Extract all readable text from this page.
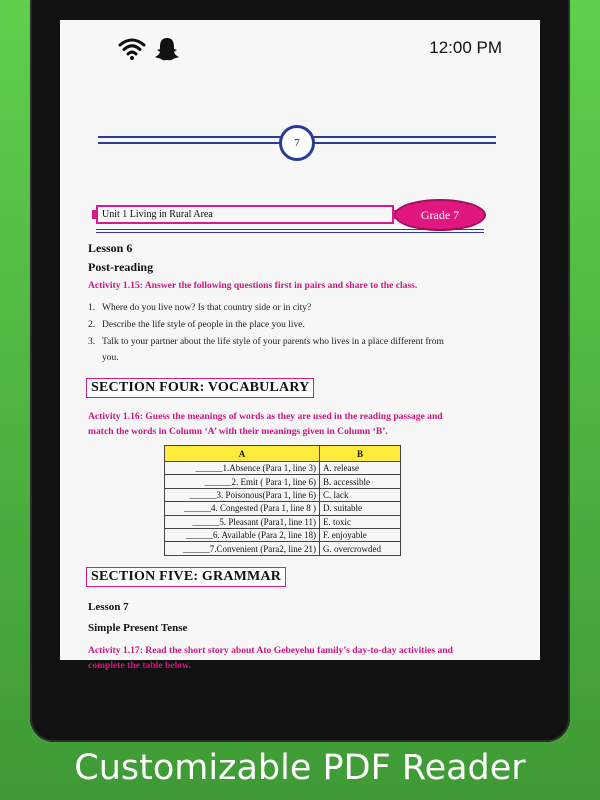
12:00 PM
7
Unit 1 Living in Rural Area	Grade 7
Lesson 6
Post-reading
Activity 1.15: Answer the following questions first in pairs and share to the class.
1. Where do you live now? Is that country side or in city?
2. Describe the life style of people in the place you live.
3. Talk to your partner about the life style of your parents who lives in a place different from
you.
SECTION FOUR: VOCABULARY
Activity 1.16: Guess the meanings of words as they are used in the reading passage and
match the words in Column ‘A’ with their meanings given in Column ‘B’.
A	B
______1.Absence (Para 1, line 3)	A. release
______2. Emit ( Para 1, line 6)	B. accessible
______3. Poisonous(Para 1, line 6)	C. lack
______4. Congested (Para 1, line 8 )	D. suitable
______5. Pleasant (Para1, line 11)	E. toxic
______6. Available (Para 2, line 18)	F. enjoyable
______7.Convenient (Para2, line 21)	G. overcrowded
SECTION FIVE: GRAMMAR
Lesson 7
Simple Present Tense
Activity 1.17: Read the short story about Ato Gebeyehu family’s day-to-day activities and
complete the table below.
Customizable PDF Reader
